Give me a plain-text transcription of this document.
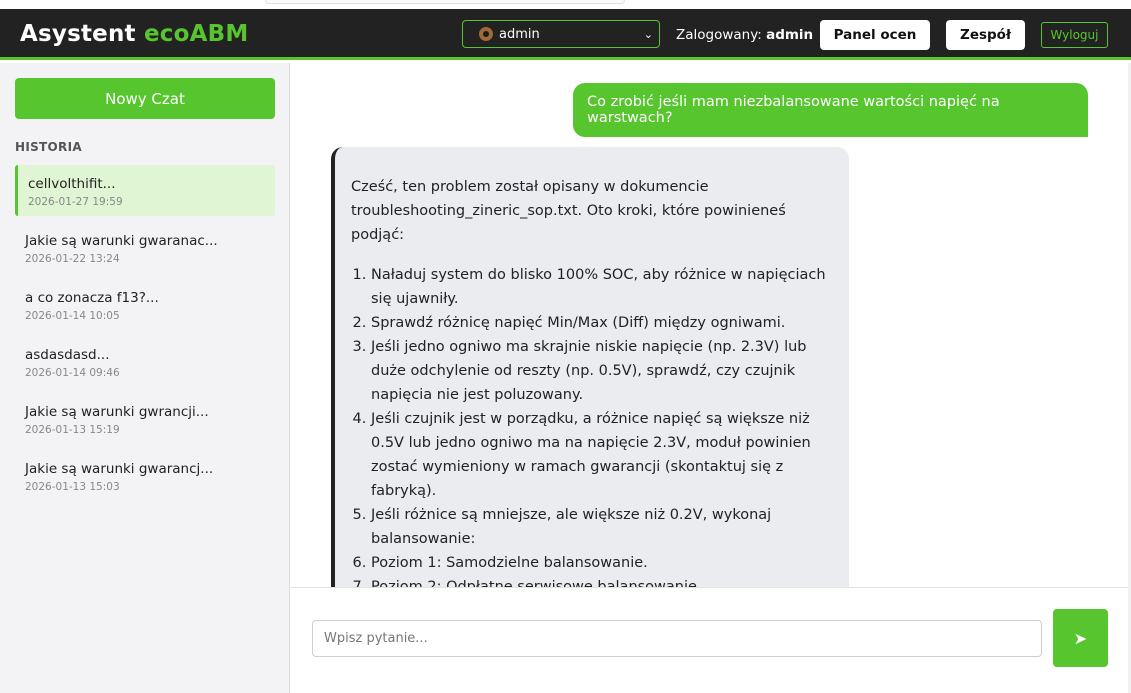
Asystent ecoABM	admin	⌄ Zalogowany: admin	Panel ocen	Zespół	Wyloguj
Nowy Czat
HISTORIA
cellvolthifit...
2026-01-27 19:59
Jakie są warunki gwaranac...
2026-01-22 13:24
a co zonacza f13?...
2026-01-14 10:05
asdasdasd...
2026-01-14 09:46
Jakie są warunki gwrancji...
2026-01-13 15:19
Jakie są warunki gwarancj...
2026-01-13 15:03
Co zrobić jeśli mam niezbalansowane wartości napięć na warstwach?
Cześć, ten problem został opisany w dokumencie troubleshooting_zineric_sop.txt. Oto kroki, które powinieneś podjąć:
1. Naładuj system do blisko 100% SOC, aby różnice w napięciach się ujawniły.
2. Sprawdź różnicę napięć Min/Max (Diff) między ogniwami.
3. Jeśli jedno ogniwo ma skrajnie niskie napięcie (np. 2.3V) lub duże odchylenie od reszty (np. 0.5V), sprawdź, czy czujnik napięcia nie jest poluzowany.
4. Jeśli czujnik jest w porządku, a różnice napięć są większe niż 0.5V lub jedno ogniwo ma na napięcie 2.3V, moduł powinien zostać wymieniony w ramach gwarancji (skontaktuj się z fabryką).
5. Jeśli różnice są mniejsze, ale większe niż 0.2V, wykonaj balansowanie:
6. Poziom 1: Samodzielne balansowanie.
7.
Wpisz pytanie...
➤
